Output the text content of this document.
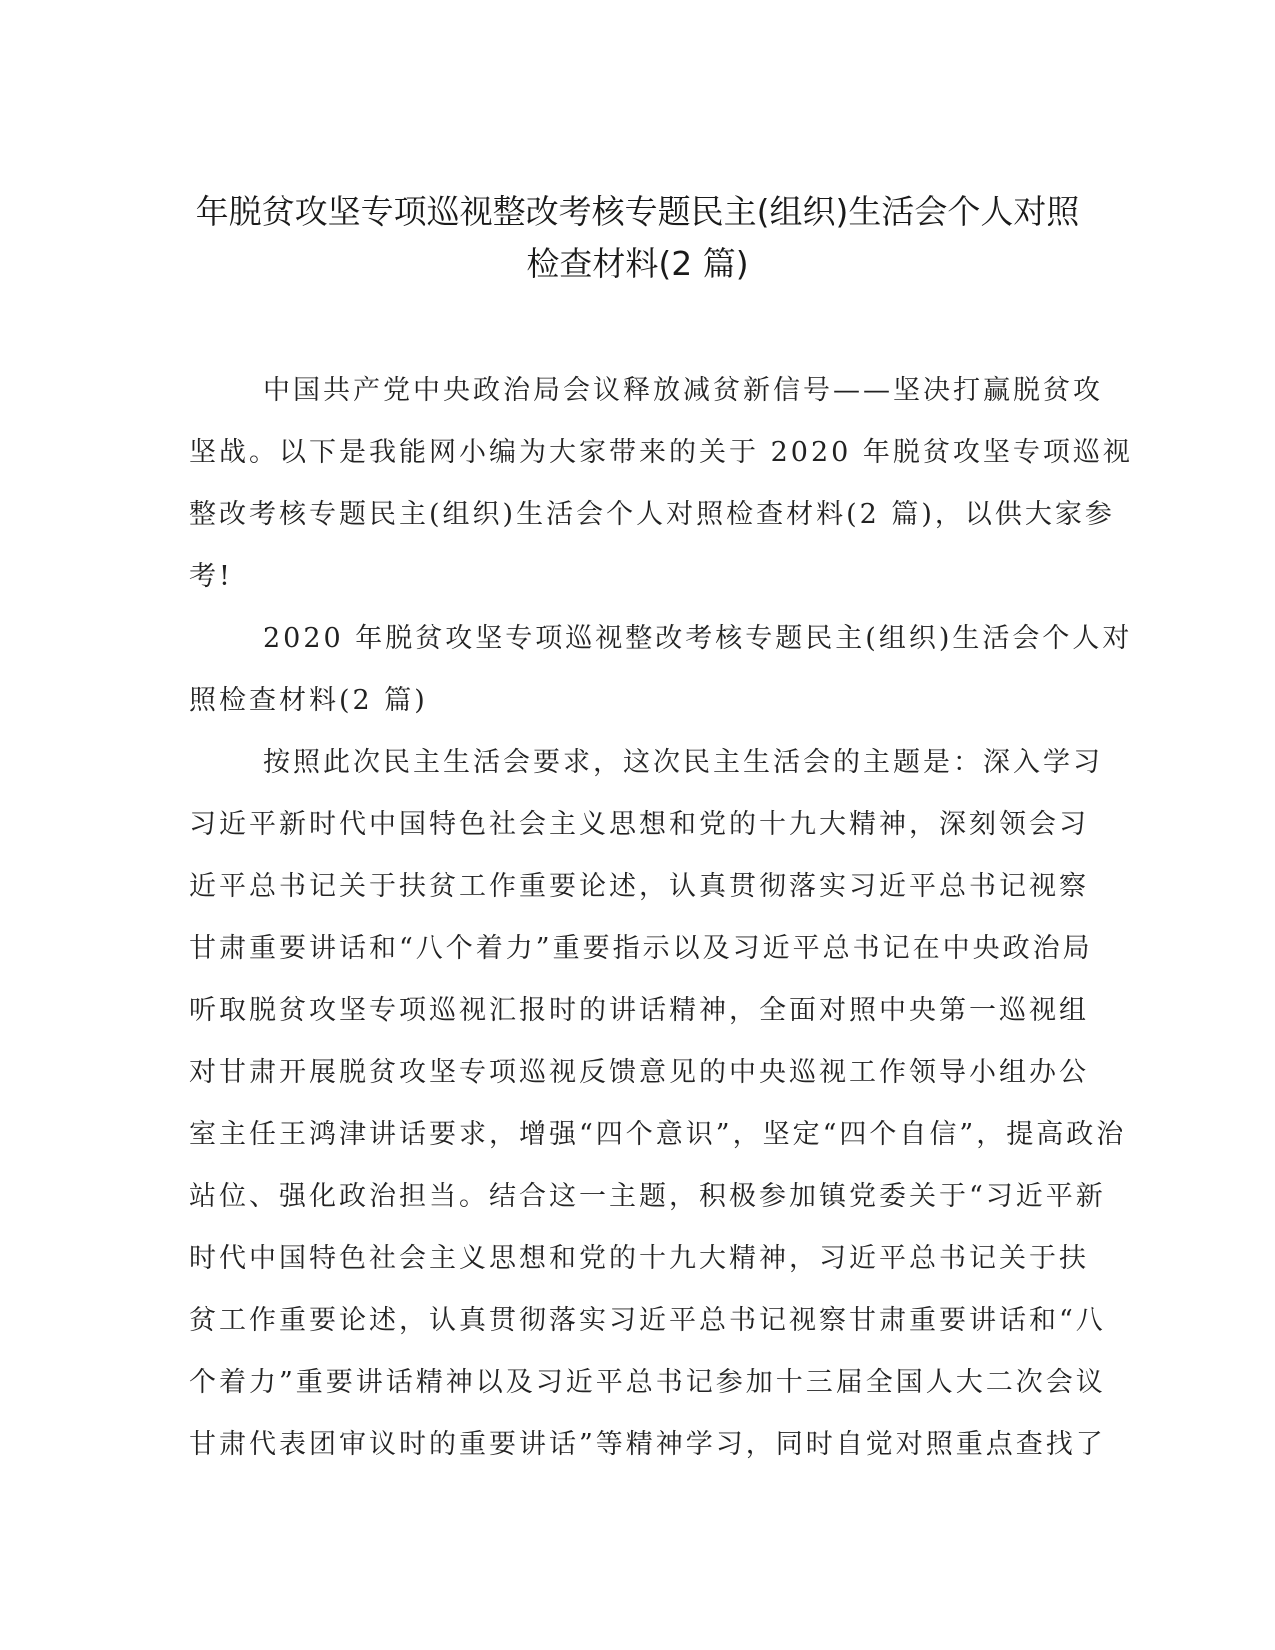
年脱贫攻坚专项巡视整改考核专题民主(组织)生活会个人对照
检查材料(2 篇)
中国共产党中央政治局会议释放减贫新信号——坚决打赢脱贫攻
坚战。以下是我能网小编为大家带来的关于 2020 年脱贫攻坚专项巡视
整改考核专题民主(组织)生活会个人对照检查材料(2 篇)，以供大家参
考!
2020 年脱贫攻坚专项巡视整改考核专题民主(组织)生活会个人对
照检查材料(2 篇)
按照此次民主生活会要求，这次民主生活会的主题是：深入学习
习近平新时代中国特色社会主义思想和党的十九大精神，深刻领会习
近平总书记关于扶贫工作重要论述，认真贯彻落实习近平总书记视察
甘肃重要讲话和“八个着力”重要指示以及习近平总书记在中央政治局
听取脱贫攻坚专项巡视汇报时的讲话精神，全面对照中央第一巡视组
对甘肃开展脱贫攻坚专项巡视反馈意见的中央巡视工作领导小组办公
室主任王鸿津讲话要求，增强“四个意识”，坚定“四个自信”，提高政治
站位、强化政治担当。结合这一主题，积极参加镇党委关于“习近平新
时代中国特色社会主义思想和党的十九大精神，习近平总书记关于扶
贫工作重要论述，认真贯彻落实习近平总书记视察甘肃重要讲话和“八
个着力”重要讲话精神以及习近平总书记参加十三届全国人大二次会议
甘肃代表团审议时的重要讲话”等精神学习，同时自觉对照重点查找了
